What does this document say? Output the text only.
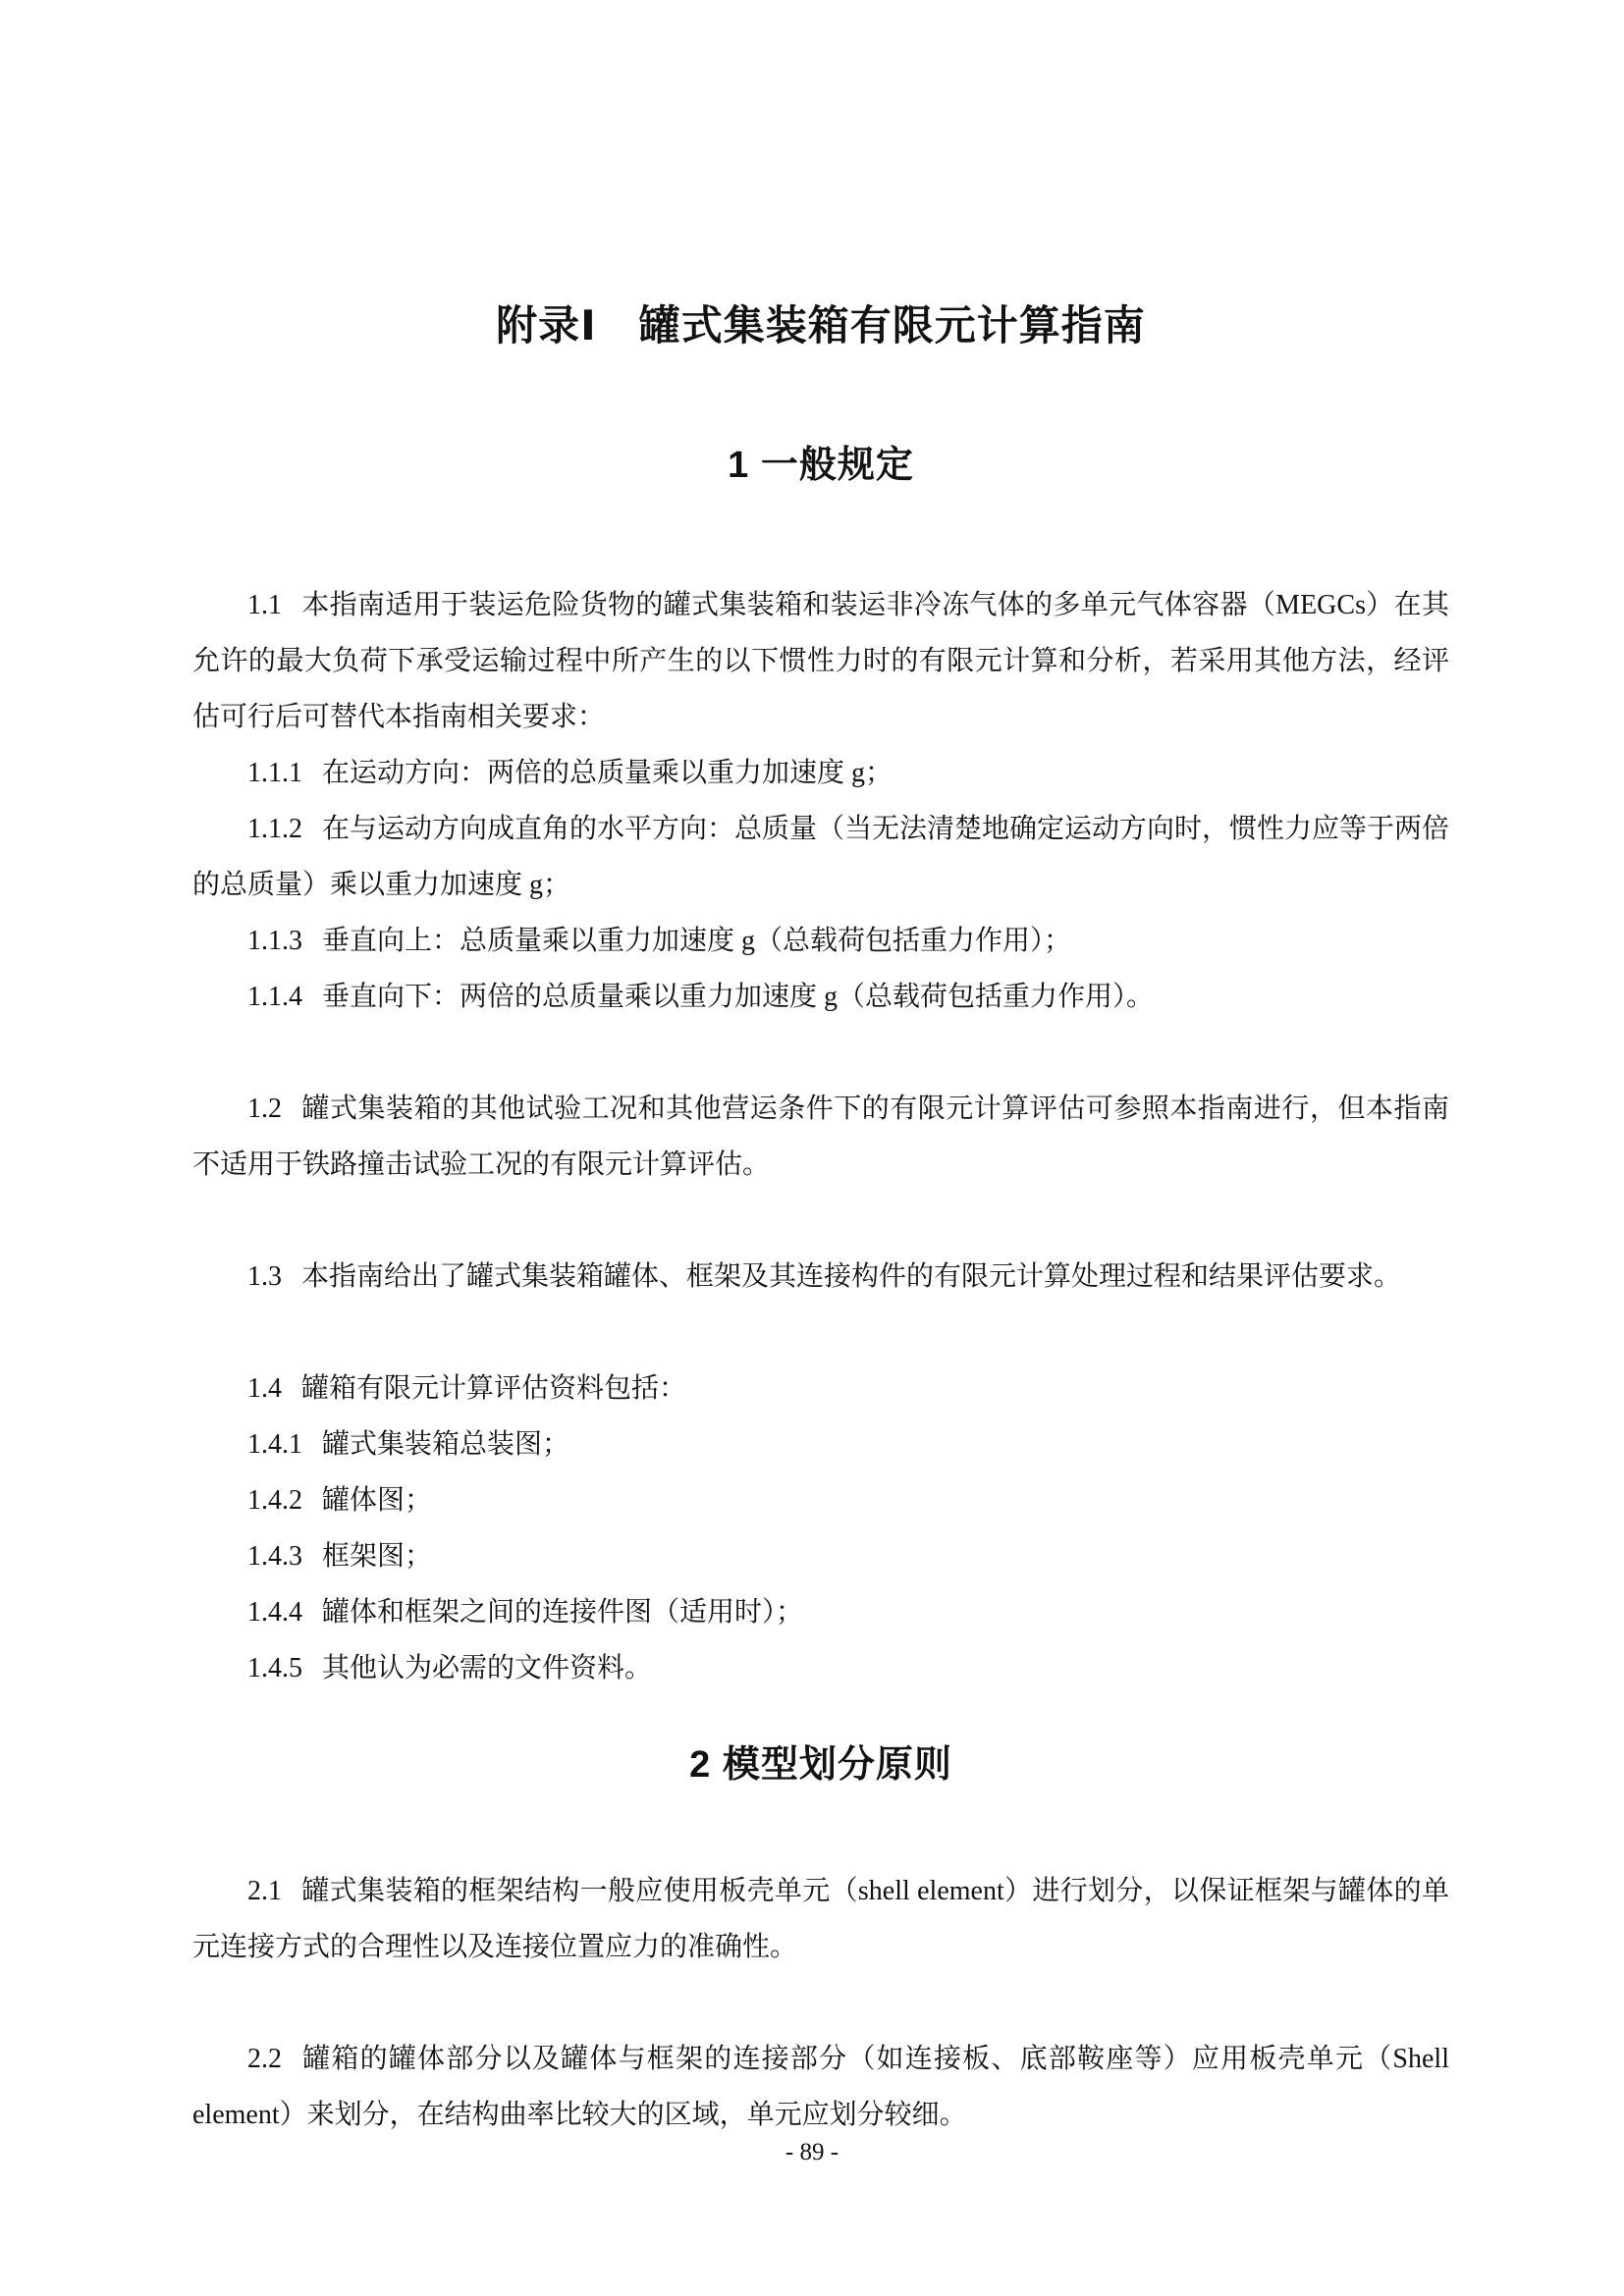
附录Ⅰ　罐式集装箱有限元计算指南
1 一般规定

1.1 本指南适用于装运危险货物的罐式集装箱和装运非冷冻气体的多单元气体容器（MEGCs）在其允许的最大负荷下承受运输过程中所产生的以下惯性力时的有限元计算和分析，若采用其他方法，经评估可行后可替代本指南相关要求：

1.1.1 在运动方向：两倍的总质量乘以重力加速度 g；

1.1.2 在与运动方向成直角的水平方向：总质量（当无法清楚地确定运动方向时，惯性力应等于两倍的总质量）乘以重力加速度 g；

1.1.3 垂直向上：总质量乘以重力加速度 g（总载荷包括重力作用）；

1.1.4 垂直向下：两倍的总质量乘以重力加速度 g（总载荷包括重力作用）。

1.2 罐式集装箱的其他试验工况和其他营运条件下的有限元计算评估可参照本指南进行，但本指南不适用于铁路撞击试验工况的有限元计算评估。

1.3 本指南给出了罐式集装箱罐体、框架及其连接构件的有限元计算处理过程和结果评估要求。

1.4 罐箱有限元计算评估资料包括：

1.4.1 罐式集装箱总装图；

1.4.2 罐体图；

1.4.3 框架图；

1.4.4 罐体和框架之间的连接件图（适用时）；

1.4.5 其他认为必需的文件资料。

2 模型划分原则

2.1 罐式集装箱的框架结构一般应使用板壳单元（shell element）进行划分，以保证框架与罐体的单元连接方式的合理性以及连接位置应力的准确性。

2.2 罐箱的罐体部分以及罐体与框架的连接部分（如连接板、底部鞍座等）应用板壳单元（Shell element）来划分，在结构曲率比较大的区域，单元应划分较细。

- 89 -
